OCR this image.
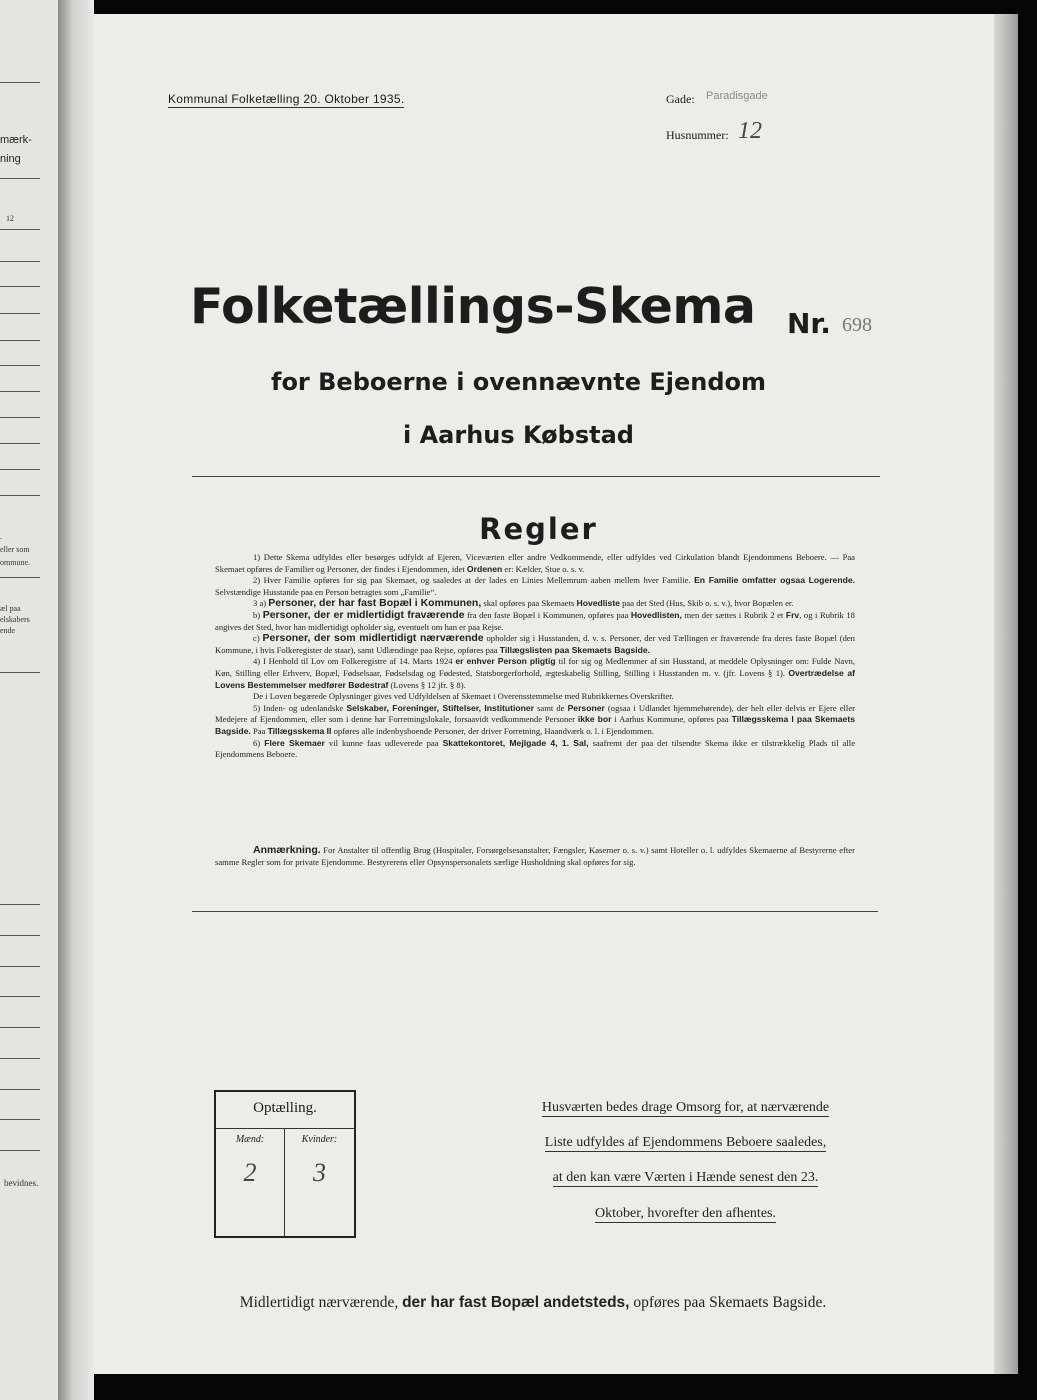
mærk-
ning
12
.
eller som
ommune.
æl paa
elskabers
ende
bevidnes.
Kommunal Folketælling 20. Oktober 1935.	Gade: Paradisgade
Husnummer: 12
Folketællings-Skema Nr. 698
for Beboerne i ovennævnte Ejendom
i Aarhus Købstad
Regler

1) Dette Skema udfyldes eller besørges udfyldt af Ejeren, Viceværten eller andre Vedkommende, eller udfyldes ved Cirkulation blandt Ejendommens Beboere. — Paa Skemaet opføres de Familier og Personer, der findes i Ejendommen, idet Ordenen er: Kælder, Stue o. s. v.

2) Hver Familie opføres for sig paa Skemaet, og saaledes at der lades en Linies Mellemrum aaben mellem hver Familie. En Familie omfatter ogsaa Logerende. Selvstændige Husstande paa en Person betragtes som „Familie“.

3 a) Personer, der har fast Bopæl i Kommunen, skal opføres paa Skemaets Hovedliste paa det Sted (Hus, Skib o. s. v.), hvor Bopælen er.

b) Personer, der er midlertidigt fraværende fra den faste Bopæl i Kommunen, opføres paa Hovedlisten, men der sættes i Rubrik 2 et Frv, og i Rubrik 18 angives det Sted, hvor han midlertidigt opholder sig, eventuelt om han er paa Rejse.

c) Personer, der som midlertidigt nærværende opholder sig i Husstanden, d. v. s. Personer, der ved Tællingen er fraværende fra deres faste Bopæl (den Kommune, i hvis Folkeregister de staar), samt Udlændinge paa Rejse, opføres paa Tillægslisten paa Skemaets Bagside.

4) I Henhold til Lov om Folkeregistre af 14. Marts 1924 er enhver Person pligtig til for sig og Medlemmer af sin Husstand, at meddele Oplysninger om: Fulde Navn, Køn, Stilling eller Erhverv, Bopæl, Fødselsaar, Fødselsdag og Fødested, Statsborgerforhold, ægteskabelig Stilling, Stilling i Husstanden m. v. (jfr. Lovens § 1). Overtrædelse af Lovens Bestemmelser medfører Bødestraf (Lovens § 12 jfr. § 8).

De i Loven begærede Oplysninger gives ved Udfyldelsen af Skemaet i Overensstemmelse med Rubrikkernes Overskrifter.

5) Inden- og udenlandske Selskaber, Foreninger, Stiftelser, Institutioner samt de Personer (ogsaa i Udlandet hjemmehørende), der helt eller delvis er Ejere eller Medejere af Ejendommen, eller som i denne har Forretningslokale, forsaavidt vedkommende Personer ikke bor i Aarhus Kommune, opføres paa Tillægsskema I paa Skemaets Bagside. Paa Tillægsskema II opføres alle indenbysboende Personer, der driver Forretning, Haandværk o. l. i Ejendommen.

6) Flere Skemaer vil kunne faas udleverede paa Skattekontoret, Mejlgade 4, 1. Sal, saafremt der paa det tilsendte Skema ikke er tilstrækkelig Plads til alle Ejendommens Beboere.

Anmærkning. For Anstalter til offentlig Brug (Hospitaler, Forsørgelsesanstalter, Fængsler, Kaserner o. s. v.) samt Hoteller o. l. udfyldes Skemaerne af Bestyrerne efter samme Regler som for private Ejendomme. Bestyrerens eller Opsynspersonalets særlige Husholdning skal opføres for sig.

Optælling.
Mænd:	Kvinder:
2	3
Husværten bedes drage Omsorg for, at nærværende
Liste udfyldes af Ejendommens Beboere saaledes,
at den kan være Værten i Hænde senest den 23.
Oktober, hvorefter den afhentes.
Midlertidigt nærværende, der har fast Bopæl andetsteds, opføres paa Skemaets Bagside.
